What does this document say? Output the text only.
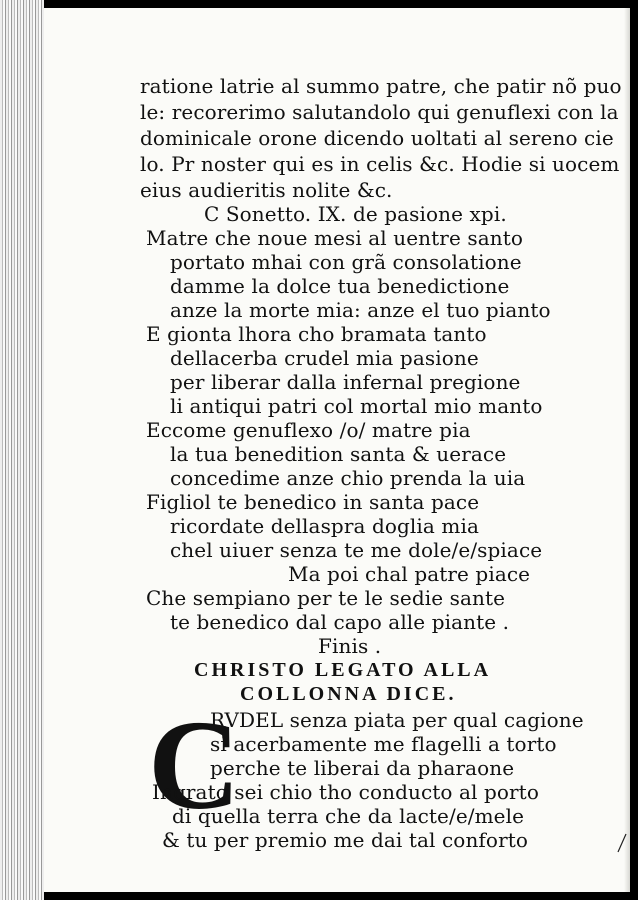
ratione latrie al summo patre, che patir nõ puo
le: recorerimo salutandolo qui genuflexi con la
dominicale orone dicendo uoltati al sereno cie
lo. Pr noster qui es in celis &c. Hodie si uocem
eius audieritis nolite &c.
C Sonetto. IX. de pasione xpi.
Matre che noue mesi al uentre santo
portato mhai con grã consolatione
damme la dolce tua benedictione
anze la morte mia: anze el tuo pianto
E gionta lhora cho bramata tanto
dellacerba crudel mia pasione
per liberar dalla infernal pregione
li antiqui patri col mortal mio manto
Eccome genuflexo /o/ matre pia
la tua benedition santa & uerace
concedime anze chio prenda la uia
Figliol te benedico in santa pace
ricordate dellaspra doglia mia
chel uiuer senza te me dole/e/spiace
Ma poi chal patre piace
Che sempiano per te le sedie sante
te benedico dal capo alle piante .
Finis .
CHRISTO LEGATO ALLA
COLLONNA DICE.
C
RVDEL senza piata per qual cagione
si acerbamente me flagelli a torto
perche te liberai da pharaone
Ingrato sei chio tho conducto al porto
di quella terra che da lacte/e/mele
& tu per premio me dai tal conforto
